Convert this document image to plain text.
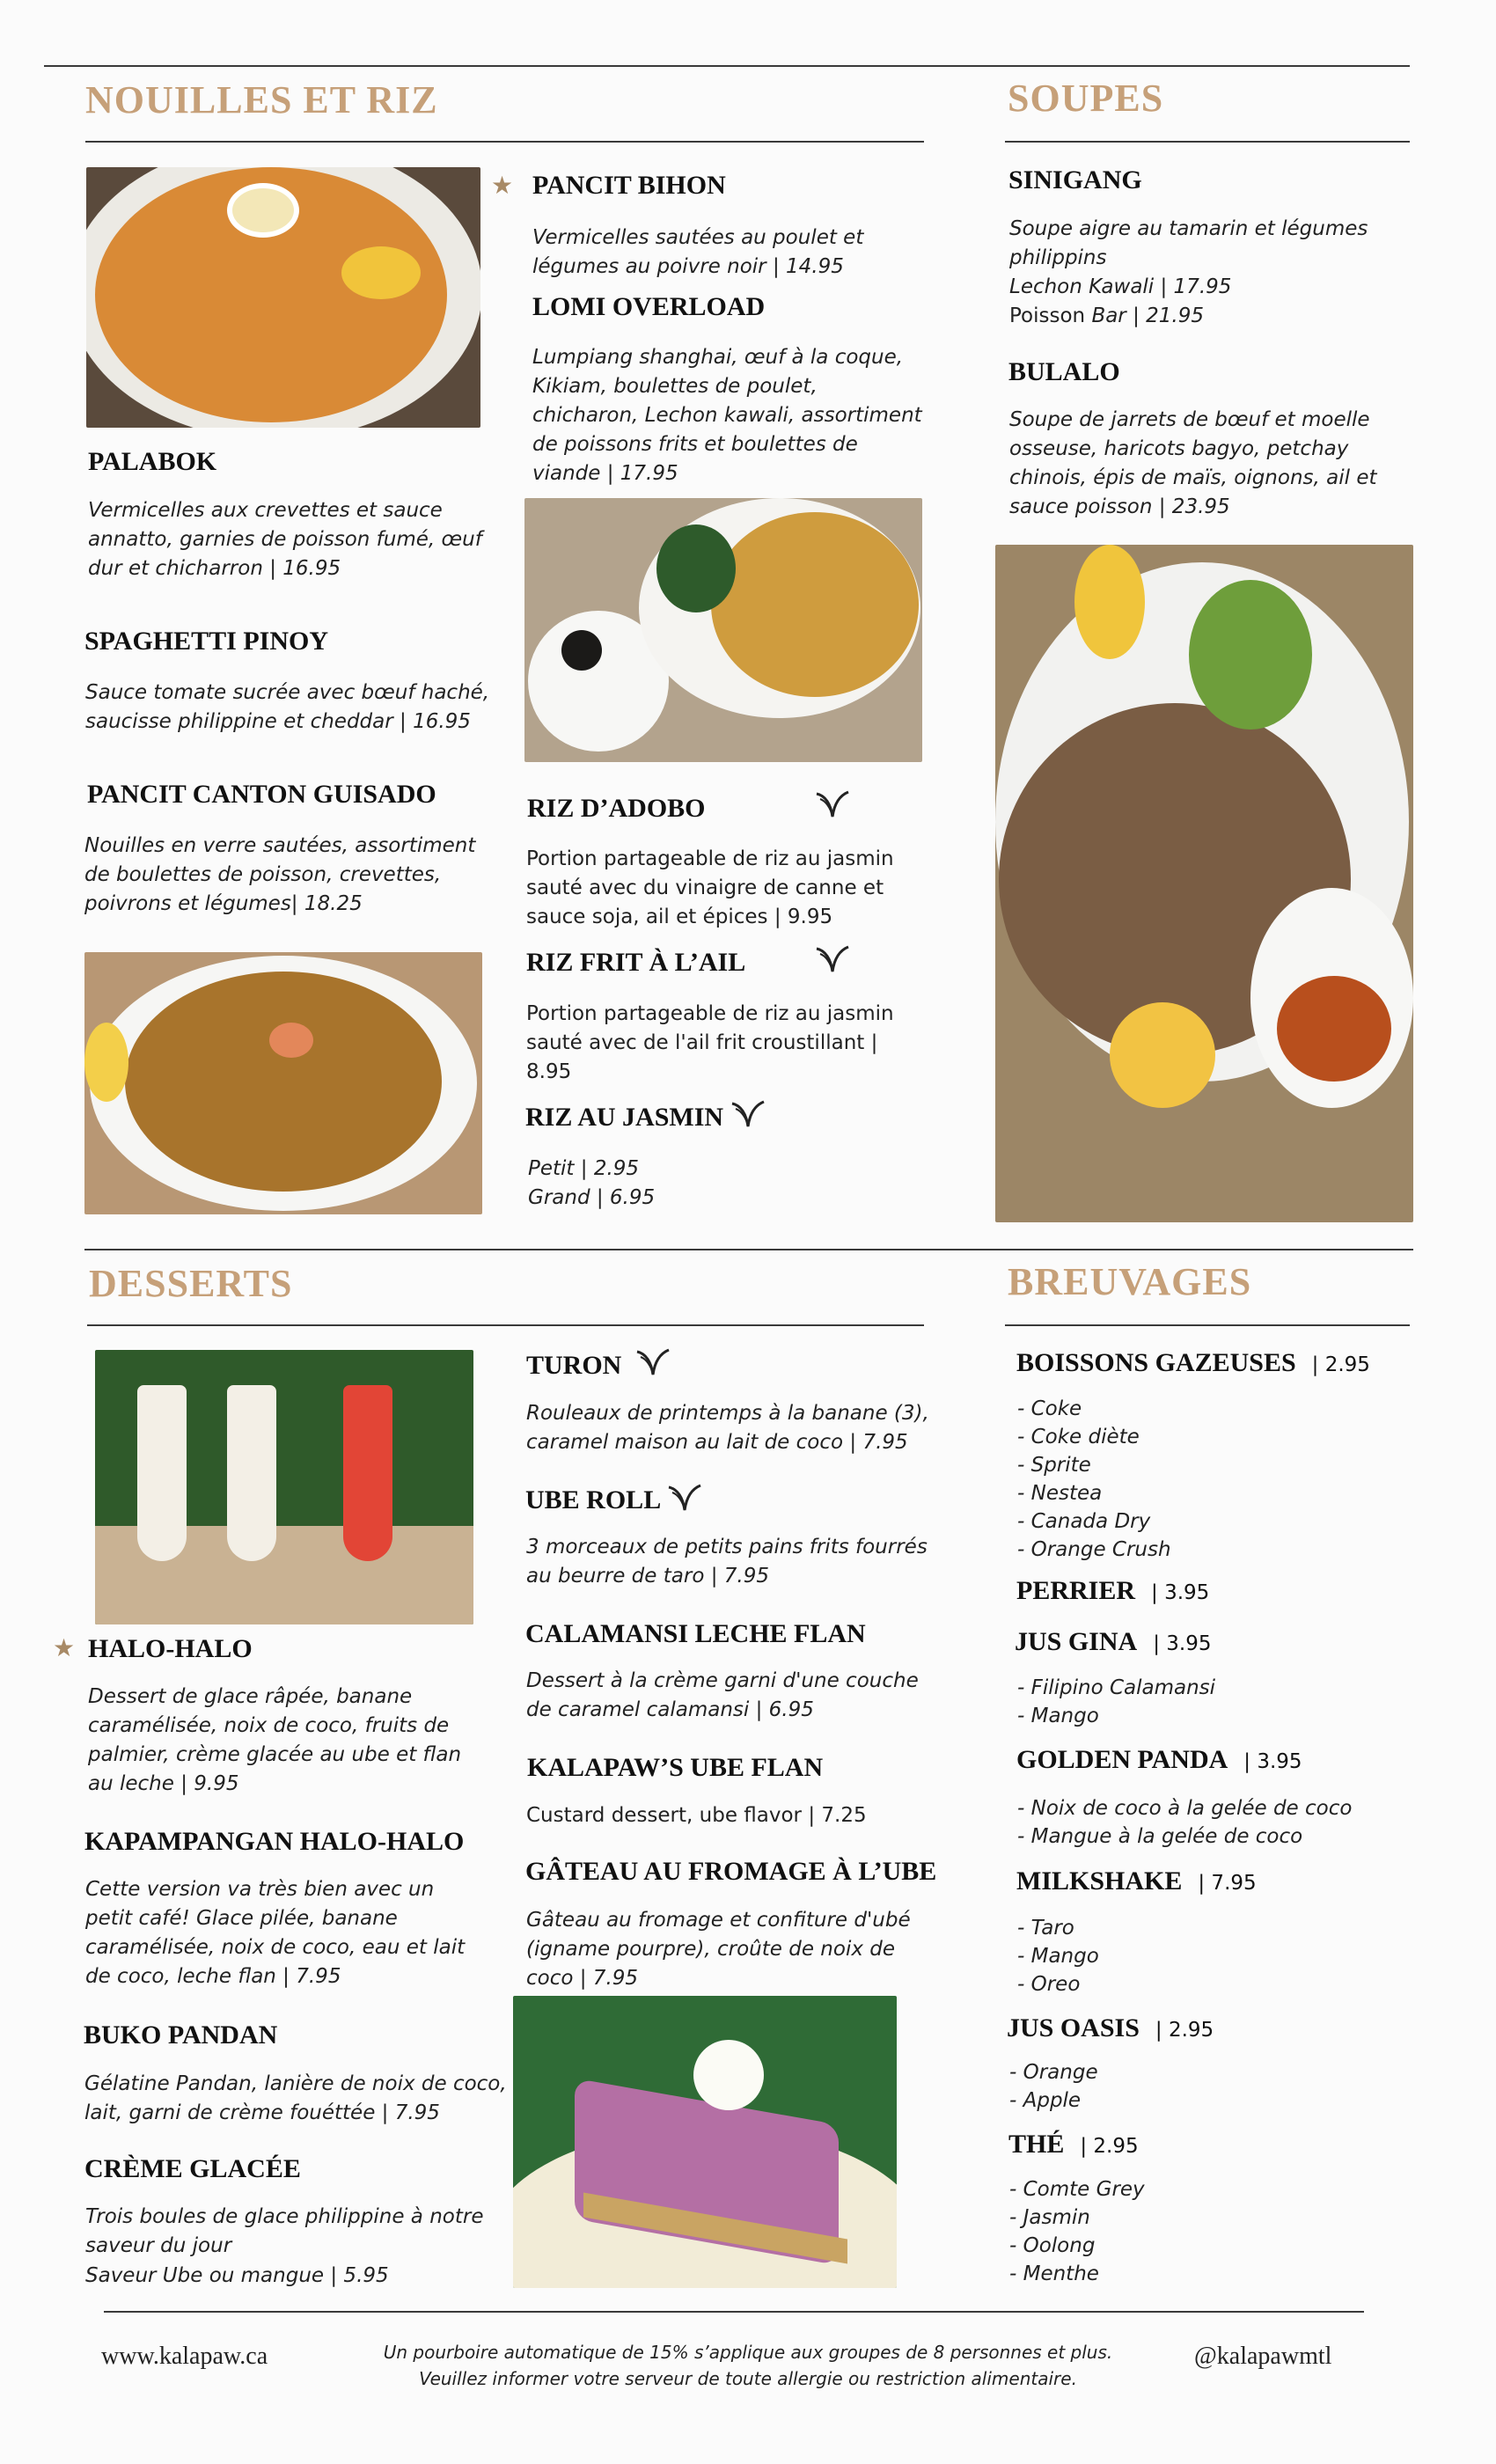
NOUILLES ET RIZ
PALABOK
Vermicelles aux crevettes et sauce annatto, garnies de poisson fumé, œuf dur et chicharron | 16.95
SPAGHETTI PINOY
Sauce tomate sucrée avec bœuf haché, saucisse philippine et cheddar | 16.95
PANCIT CANTON GUISADO
Nouilles en verre sautées, assortiment de boulettes de poisson, crevettes, poivrons et légumes| 18.25
★ PANCIT BIHON
Vermicelles sautées au poulet et légumes au poivre noir | 14.95
LOMI OVERLOAD
Lumpiang shanghai, œuf à la coque, Kikiam, boulettes de poulet, chicharon, Lechon kawali, assortiment de poissons frits et boulettes de viande | 17.95
RIZ D’ADOBO
Portion partageable de riz au jasmin sauté avec du vinaigre de canne et sauce soja, ail et épices | 9.95
RIZ FRIT À L’AIL
Portion partageable de riz au jasmin sauté avec de l'ail frit croustillant | 8.95
RIZ AU JASMIN
Petit | 2.95
Grand | 6.95
SOUPES
SINIGANG
Soupe aigre au tamarin et légumes philippins
Lechon Kawali | 17.95
Poisson Bar | 21.95
BULALO
Soupe de jarrets de bœuf et moelle osseuse, haricots bagyo, petchay chinois, épis de maïs, oignons, ail et sauce poisson | 23.95
DESSERTS
★ HALO-HALO
Dessert de glace râpée, banane caramélisée, noix de coco, fruits de palmier, crème glacée au ube et flan au leche | 9.95
KAPAMPANGAN HALO-HALO
Cette version va très bien avec un petit café! Glace pilée, banane caramélisée, noix de coco, eau et lait de coco, leche flan | 7.95
BUKO PANDAN
Gélatine Pandan, lanière de noix de coco, lait, garni de crème fouéttée | 7.95
CRÈME GLACÉE
Trois boules de glace philippine à notre saveur du jour
Saveur Ube ou mangue | 5.95
TURON
Rouleaux de printemps à la banane (3), caramel maison au lait de coco | 7.95
UBE ROLL
3 morceaux de petits pains frits fourrés au beurre de taro | 7.95
CALAMANSI LECHE FLAN
Dessert à la crème garni d'une couche de caramel calamansi | 6.95
KALAPAW’S UBE FLAN
Custard dessert, ube flavor | 7.25
GÂTEAU AU FROMAGE À L’UBE
Gâteau au fromage et confiture d'ubé (igname pourpre), croûte de noix de coco | 7.95
BREUVAGES
BOISSONS GAZEUSES | 2.95
- Coke
- Coke diète
- Sprite
- Nestea
- Canada Dry
- Orange Crush
PERRIER | 3.95
JUS GINA | 3.95
- Filipino Calamansi
- Mango
GOLDEN PANDA | 3.95
- Noix de coco à la gelée de coco
- Mangue à la gelée de coco
MILKSHAKE | 7.95
- Taro
- Mango
- Oreo
JUS OASIS | 2.95
- Orange
- Apple
THÉ | 2.95
- Comte Grey
- Jasmin
- Oolong
- Menthe
www.kalapaw.ca	Un pourboire automatique de 15% s’applique aux groupes de 8 personnes et plus.
Veuillez informer votre serveur de toute allergie ou restriction alimentaire.
@kalapawmtl
